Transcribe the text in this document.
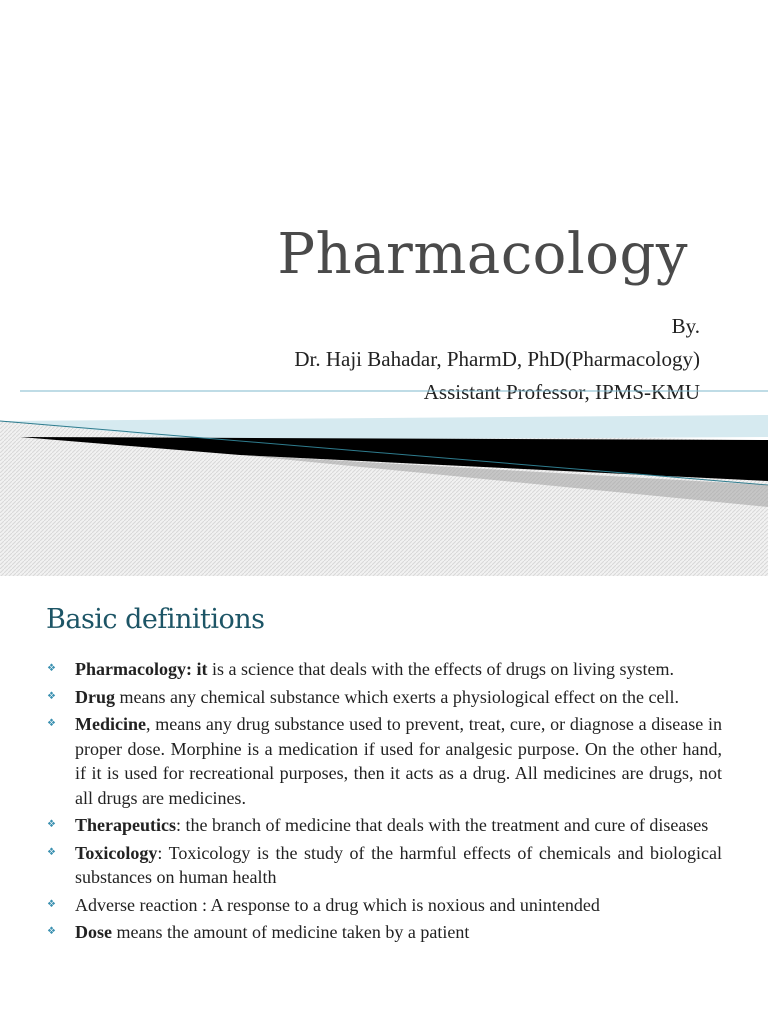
Pharmacology
By.
Dr. Haji Bahadar, PharmD, PhD(Pharmacology)
Assistant Professor, IPMS-KMU
Basic definitions
❖ Pharmacology: it is a science that deals with the effects of drugs on living system.
❖ Drug means any chemical substance which exerts a physiological effect on the cell.
❖ Medicine, means any drug substance used to prevent, treat, cure, or diagnose a disease in proper dose. Morphine is a medication if used for analgesic purpose. On the other hand, if it is used for recreational purposes, then it acts as a drug. All medicines are drugs, not all drugs are medicines.
❖ Therapeutics: the branch of medicine that deals with the treatment and cure of diseases
❖ Toxicology: Toxicology is the study of the harmful effects of chemicals and biological substances on human health
❖ Adverse reaction : A response to a drug which is noxious and unintended
❖ Dose means the amount of medicine taken by a patient
